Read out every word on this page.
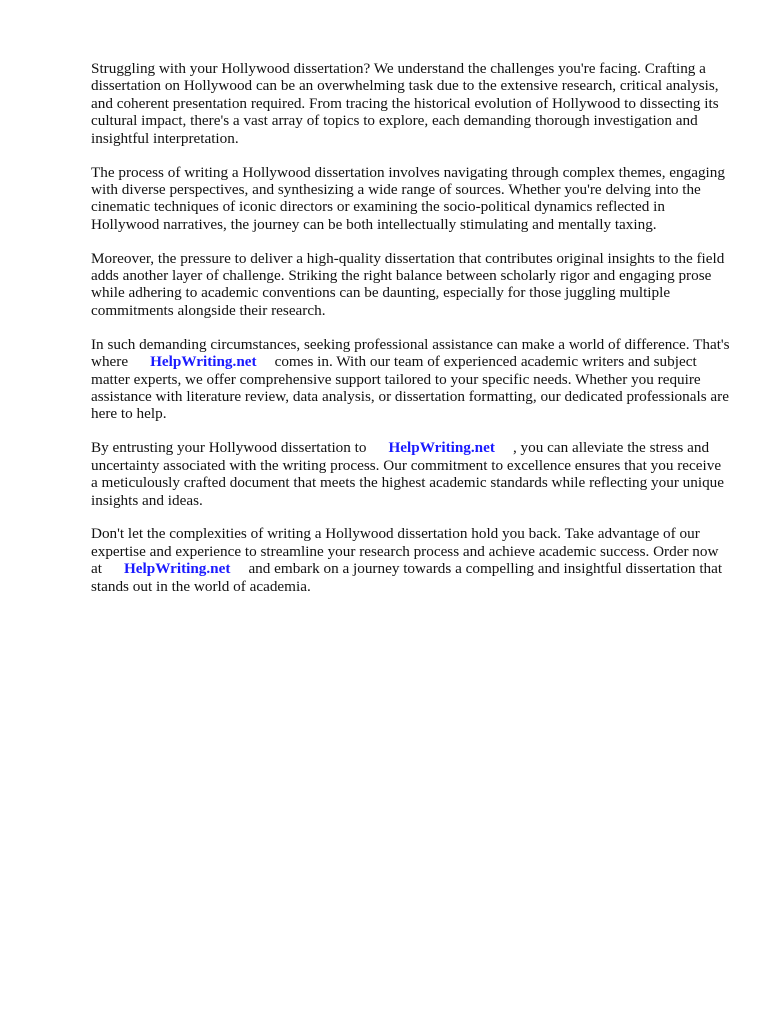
Struggling with your Hollywood dissertation? We understand the challenges you're facing. Crafting a dissertation on Hollywood can be an overwhelming task due to the extensive research, critical analysis, and coherent presentation required. From tracing the historical evolution of Hollywood to dissecting its cultural impact, there's a vast array of topics to explore, each demanding thorough investigation and insightful interpretation.

The process of writing a Hollywood dissertation involves navigating through complex themes, engaging with diverse perspectives, and synthesizing a wide range of sources. Whether you're delving into the cinematic techniques of iconic directors or examining the socio-political dynamics reflected in Hollywood narratives, the journey can be both intellectually stimulating and mentally taxing.

Moreover, the pressure to deliver a high-quality dissertation that contributes original insights to the field adds another layer of challenge. Striking the right balance between scholarly rigor and engaging prose while adhering to academic conventions can be daunting, especially for those juggling multiple commitments alongside their research.

In such demanding circumstances, seeking professional assistance can make a world of difference. That's where HelpWriting.net comes in. With our team of experienced academic writers and subject matter experts, we offer comprehensive support tailored to your specific needs. Whether you require assistance with literature review, data analysis, or dissertation formatting, our dedicated professionals are here to help.

By entrusting your Hollywood dissertation to HelpWriting.net , you can alleviate the stress and uncertainty associated with the writing process. Our commitment to excellence ensures that you receive a meticulously crafted document that meets the highest academic standards while reflecting your unique insights and ideas.

Don't let the complexities of writing a Hollywood dissertation hold you back. Take advantage of our expertise and experience to streamline your research process and achieve academic success. Order now at HelpWriting.net and embark on a journey towards a compelling and insightful dissertation that stands out in the world of academia.
